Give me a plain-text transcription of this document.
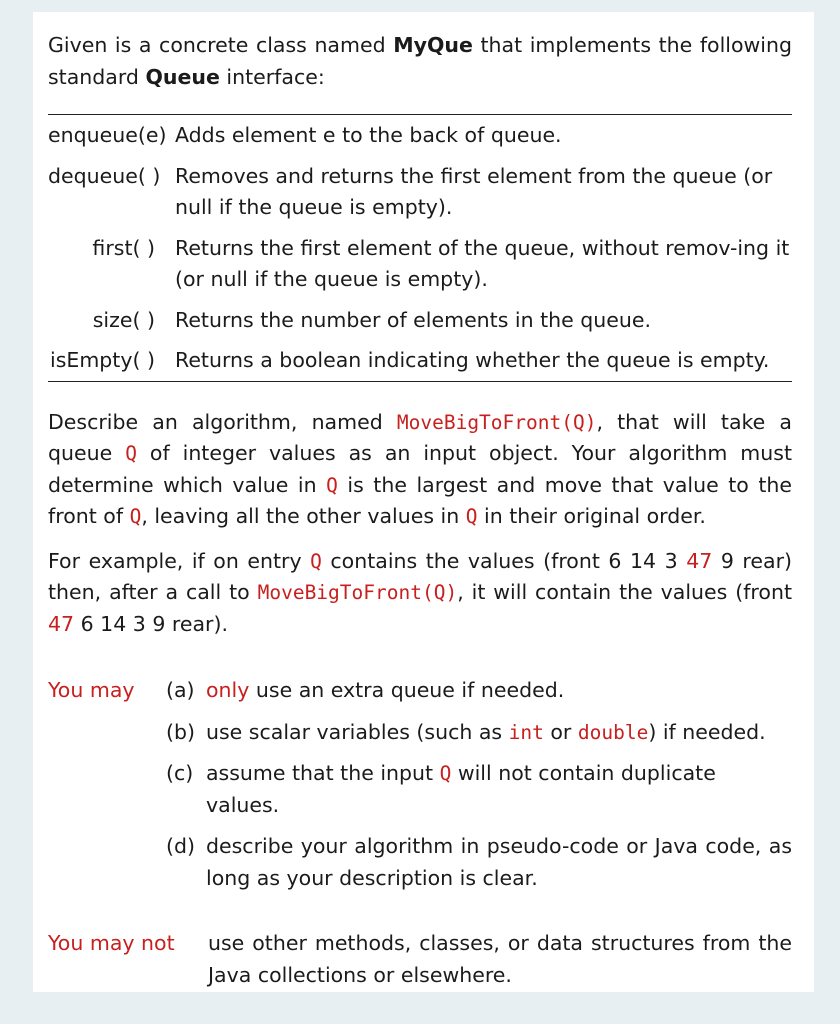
Given is a concrete class named MyQue that implements the following standard Queue interface:

enqueue(e) Adds element e to the back of queue.
dequeue( ) Removes and returns the first element from the queue (or null if the queue is empty).
first( ) Returns the first element of the queue, without remov-ing it (or null if the queue is empty).
size( ) Returns the number of elements in the queue.
isEmpty( ) Returns a boolean indicating whether the queue is empty.

Describe an algorithm, named MoveBigToFront(Q), that will take a queue Q of integer values as an input object. Your algorithm must determine which value in Q is the largest and move that value to the front of Q, leaving all the other values in Q in their original order.

For example, if on entry Q contains the values (front 6 14 3 47 9 rear) then, after a call to MoveBigToFront(Q), it will contain the values (front 47 6 14 3 9 rear).

You may	(a) only use an extra queue if needed.
(b) use scalar variables (such as int or double) if needed.
(c) assume that the input Q will not contain duplicate values.
(d) describe your algorithm in pseudo-code or Java code, as long as your description is clear.
You may not	use other methods, classes, or data structures from the Java collections or elsewhere.
